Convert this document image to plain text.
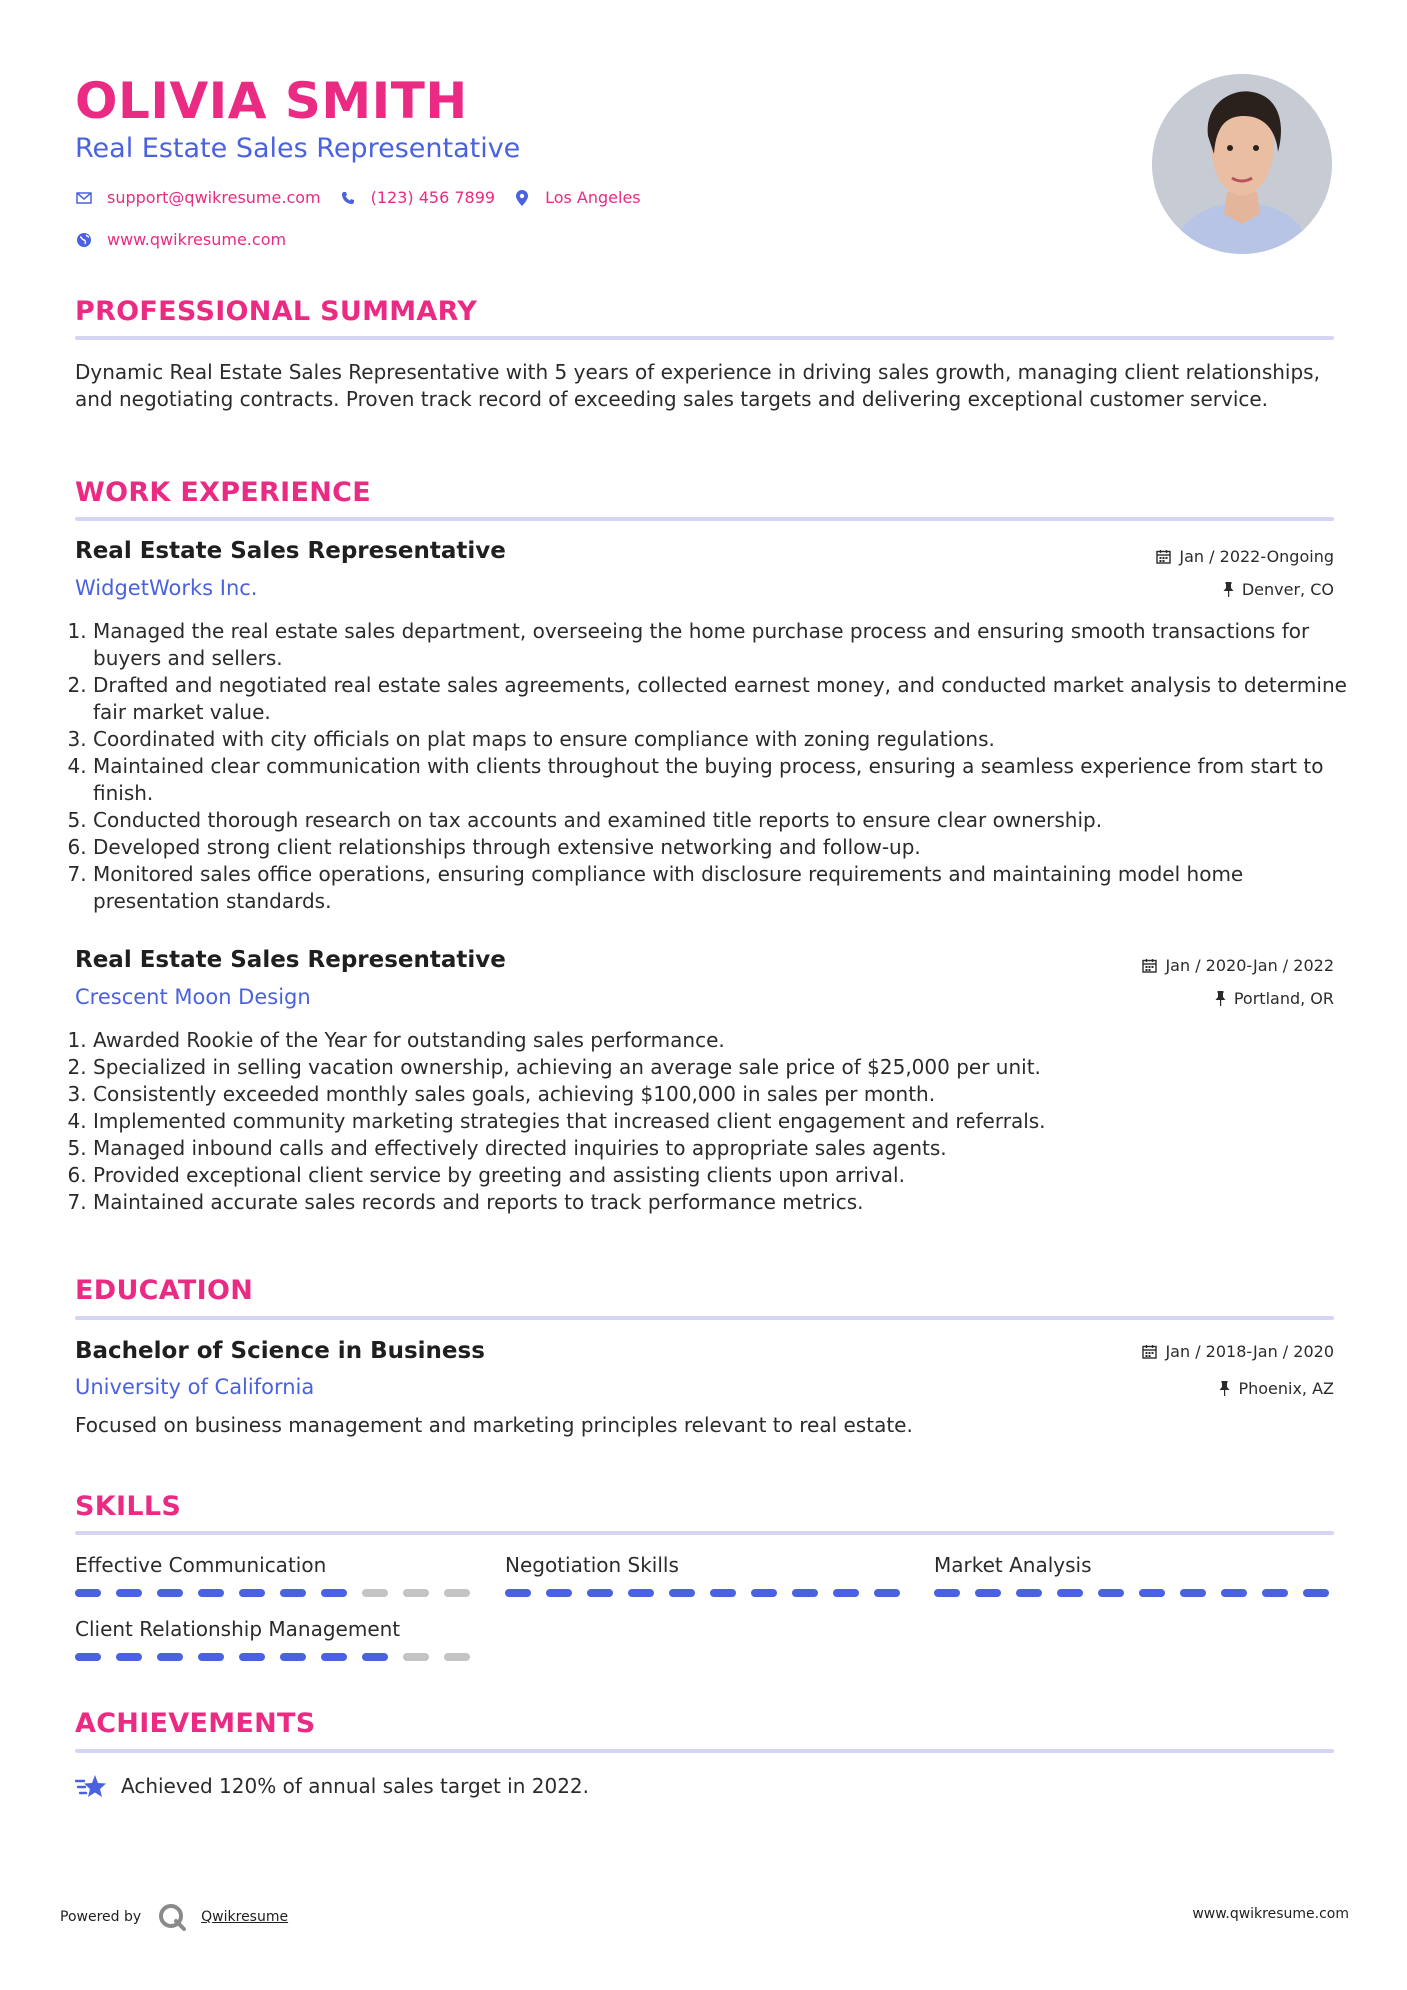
OLIVIA SMITH
Real Estate Sales Representative
support@qwikresume.com	(123) 456 7899	Los Angeles
www.qwikresume.com
PROFESSIONAL SUMMARY

Dynamic Real Estate Sales Representative with 5 years of experience in driving sales growth, managing client relationships, and negotiating contracts. Proven track record of exceeding sales targets and delivering exceptional customer service.

WORK EXPERIENCE
Real Estate Sales Representative	Jan / 2022-Ongoing
WidgetWorks Inc.	Denver, CO
1. Managed the real estate sales department, overseeing the home purchase process and ensuring smooth transactions for buyers and sellers.
2. Drafted and negotiated real estate sales agreements, collected earnest money, and conducted market analysis to determine fair market value.
3. Coordinated with city officials on plat maps to ensure compliance with zoning regulations.
4. Maintained clear communication with clients throughout the buying process, ensuring a seamless experience from start to finish.
5. Conducted thorough research on tax accounts and examined title reports to ensure clear ownership.
6. Developed strong client relationships through extensive networking and follow-up.
7. Monitored sales office operations, ensuring compliance with disclosure requirements and maintaining model home presentation standards.
Real Estate Sales Representative	Jan / 2020-Jan / 2022
Crescent Moon Design	Portland, OR
1. Awarded Rookie of the Year for outstanding sales performance.
2. Specialized in selling vacation ownership, achieving an average sale price of $25,000 per unit.
3. Consistently exceeded monthly sales goals, achieving $100,000 in sales per month.
4. Implemented community marketing strategies that increased client engagement and referrals.
5. Managed inbound calls and effectively directed inquiries to appropriate sales agents.
6. Provided exceptional client service by greeting and assisting clients upon arrival.
7. Maintained accurate sales records and reports to track performance metrics.
EDUCATION
Bachelor of Science in Business	Jan / 2018-Jan / 2020
University of California	Phoenix, AZ

Focused on business management and marketing principles relevant to real estate.

SKILLS
Effective Communication	Negotiation Skills	Market Analysis
Client Relationship Management
ACHIEVEMENTS
Achieved 120% of annual sales target in 2022.
Powered by	Qwikresume	www.qwikresume.com
